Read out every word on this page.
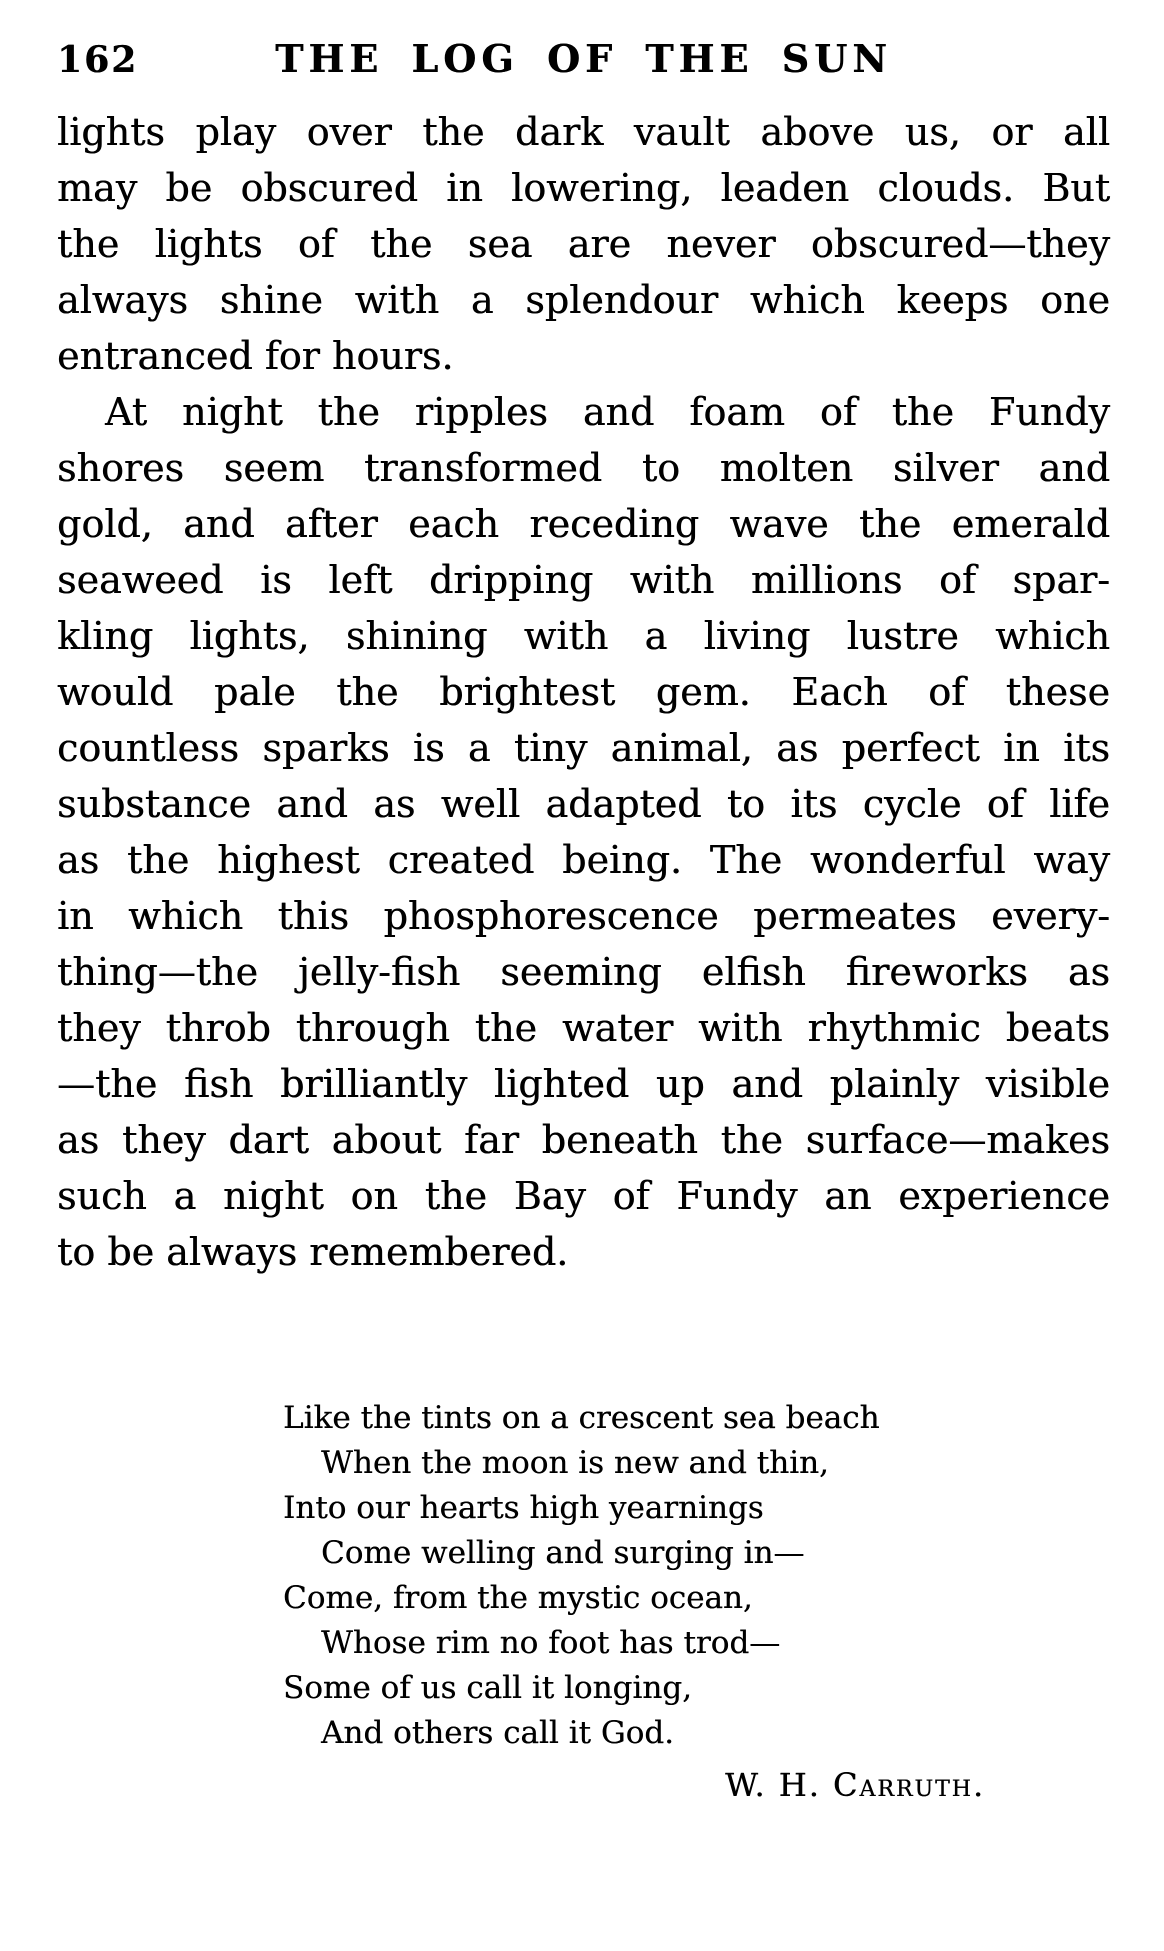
162	THE LOG OF THE SUN
lights play over the dark vault above us, or all
may be obscured in lowering, leaden clouds. But
the lights of the sea are never obscured—they
always shine with a splendour which keeps one
entranced for hours.
At night the ripples and foam of the Fundy
shores seem transformed to molten silver and
gold, and after each receding wave the emerald
seaweed is left dripping with millions of spar-
kling lights, shining with a living lustre which
would pale the brightest gem. Each of these
countless sparks is a tiny animal, as perfect in its
substance and as well adapted to its cycle of life
as the highest created being. The wonderful way
in which this phosphorescence permeates every-
thing—the jelly-fish seeming elfish fireworks as
they throb through the water with rhythmic beats
—the fish brilliantly lighted up and plainly visible
as they dart about far beneath the surface—makes
such a night on the Bay of Fundy an experience
to be always remembered.
Like the tints on a crescent sea beach
When the moon is new and thin,
Into our hearts high yearnings
Come welling and surging in—
Come, from the mystic ocean,
Whose rim no foot has trod—
Some of us call it longing,
And others call it God.
W. H. Carruth.
